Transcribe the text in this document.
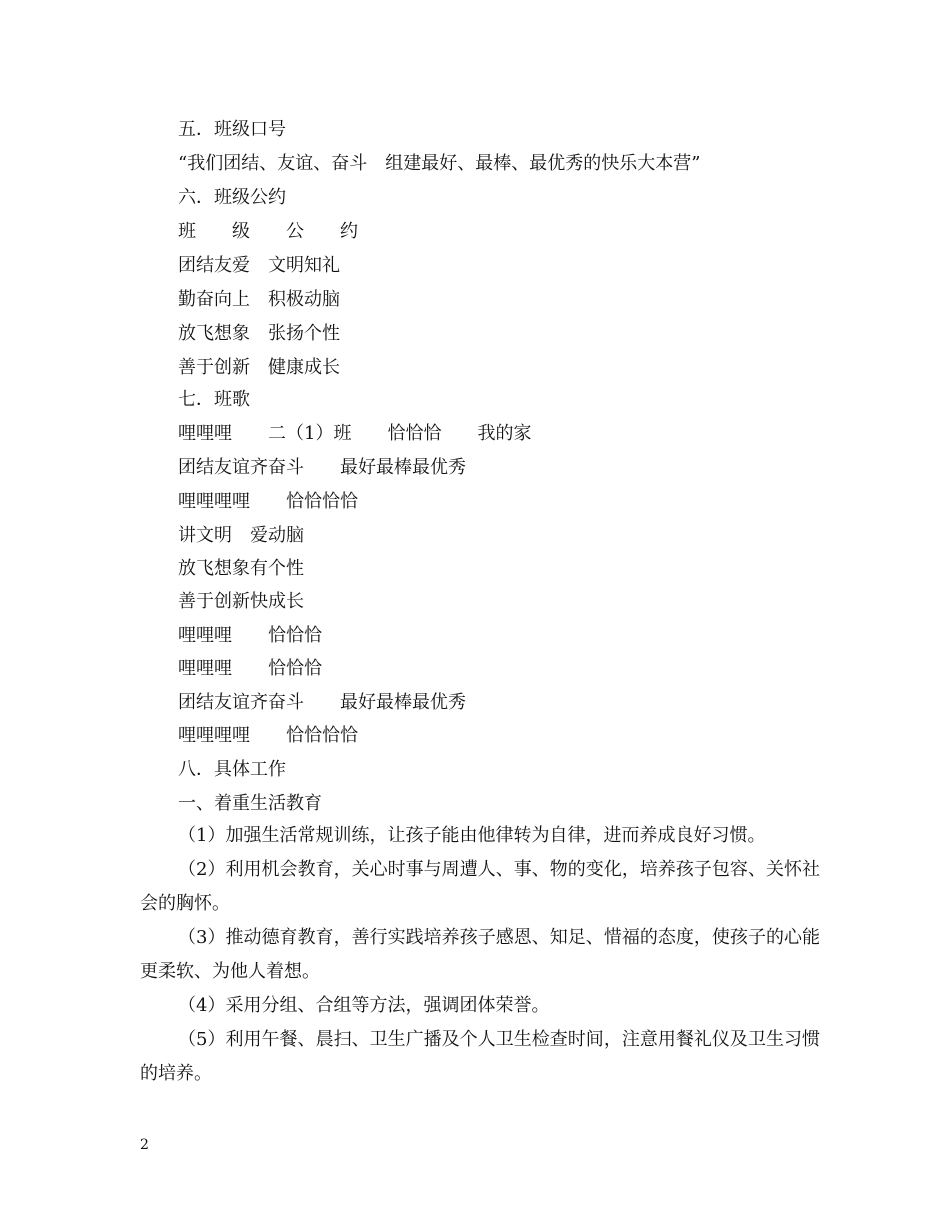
五．班级口号

“我们团结、友谊、奋斗　组建最好、最棒、最优秀的快乐大本营”

六．班级公约

班　　级　　公　　约

团结友爱　文明知礼

勤奋向上　积极动脑

放飞想象　张扬个性

善于创新　健康成长

七．班歌

哩哩哩　　二（1）班　　恰恰恰　　我的家

团结友谊齐奋斗　　最好最棒最优秀

哩哩哩哩　　恰恰恰恰

讲文明　爱动脑

放飞想象有个性

善于创新快成长

哩哩哩　　恰恰恰

哩哩哩　　恰恰恰

团结友谊齐奋斗　　最好最棒最优秀

哩哩哩哩　　恰恰恰恰

八．具体工作

一、着重生活教育

（1）加强生活常规训练，让孩子能由他律转为自律，进而养成良好习惯。

（2）利用机会教育，关心时事与周遭人、事、物的变化，培养孩子包容、关怀社会的胸怀。

（3）推动德育教育，善行实践培养孩子感恩、知足、惜福的态度，使孩子的心能更柔软、为他人着想。

（4）采用分组、合组等方法，强调团体荣誉。

（5）利用午餐、晨扫、卫生广播及个人卫生检查时间，注意用餐礼仪及卫生习惯的培养。

2
